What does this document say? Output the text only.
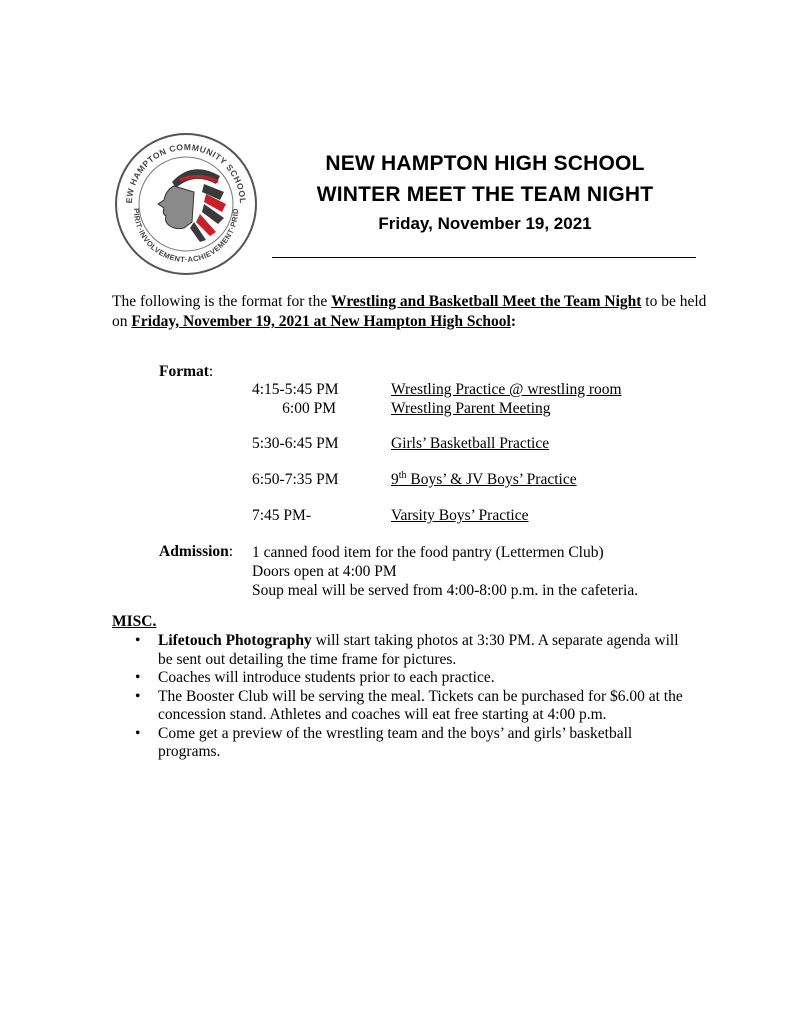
EW HAMPTON COMMUNITY SCHOOL
PIRIT·INVOLVEMENT·ACHIEVEMENT·PRID
NEW HAMPTON HIGH SCHOOL
WINTER MEET THE TEAM NIGHT
Friday, November 19, 2021
The following is the format for the Wrestling and Basketball Meet the Team Night to be held on Friday, November 19, 2021 at New Hampton High School:
Format:
4:15-5:45 PM	Wrestling Practice @ wrestling room
6:00 PM	Wrestling Parent Meeting
5:30-6:45 PM	Girls’ Basketball Practice
6:50-7:35 PM	9th Boys’ & JV Boys’ Practice
7:45 PM-	Varsity Boys’ Practice
Admission: 1 canned food item for the food pantry (Lettermen Club)
Doors open at 4:00 PM
Soup meal will be served from 4:00-8:00 p.m. in the cafeteria.
MISC.
• Lifetouch Photography will start taking photos at 3:30 PM. A separate agenda will be sent out detailing the time frame for pictures.
• Coaches will introduce students prior to each practice.
• The Booster Club will be serving the meal. Tickets can be purchased for $6.00 at the concession stand. Athletes and coaches will eat free starting at 4:00 p.m.
• Come get a preview of the wrestling team and the boys’ and girls’ basketball programs.
